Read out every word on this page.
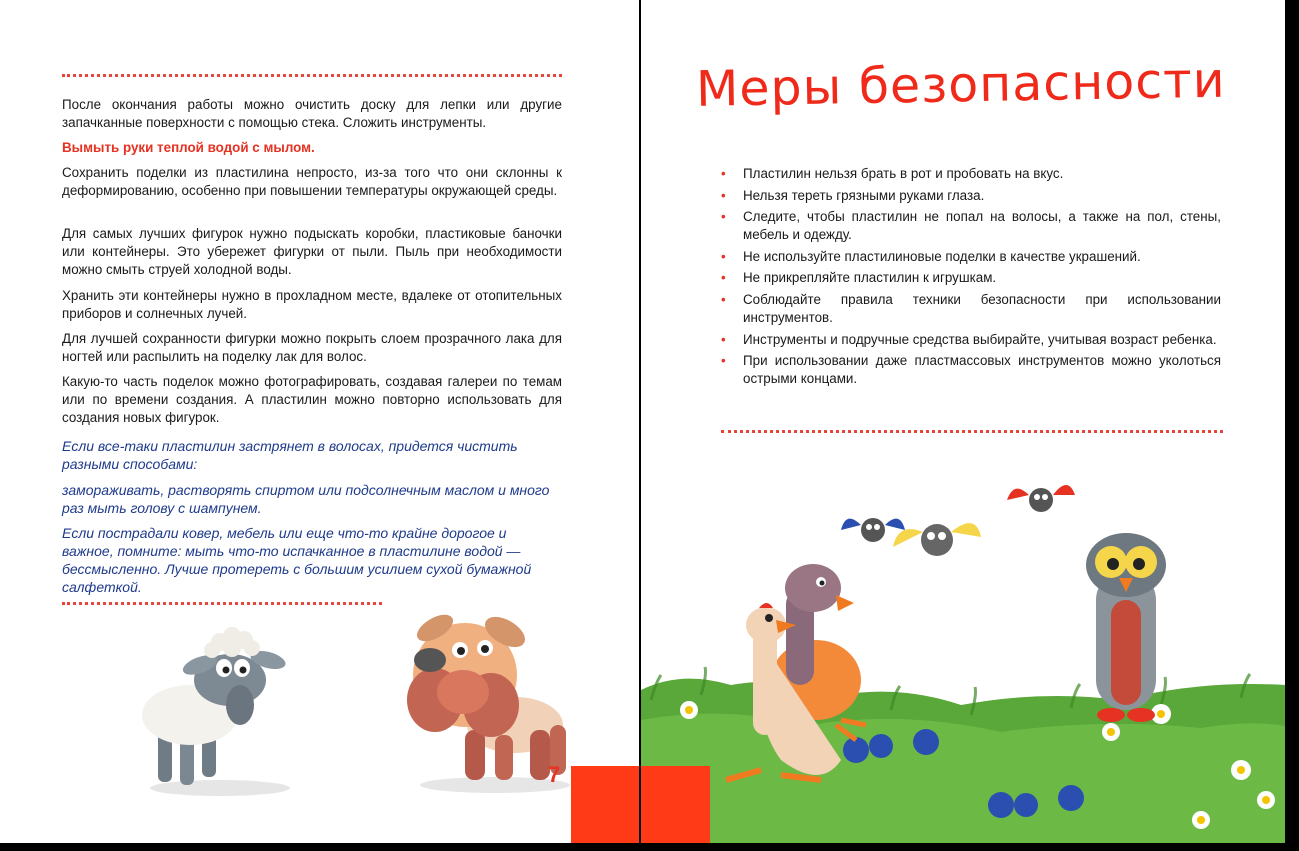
После окончания работы можно очистить доску для лепки или другие запачканные поверхности с помощью стека. Сложить инструменты.

Вымыть руки теплой водой с мылом.

Сохранить поделки из пластилина непросто, из-за того что они склонны к деформированию, особенно при повышении температуры окружающей среды.

Для самых лучших фигурок нужно подыскать коробки, пластиковые баночки или контейнеры. Это убережет фигурки от пыли. Пыль при необходимости можно смыть струей холодной воды.

Хранить эти контейнеры нужно в прохладном месте, вдалеке от отопительных приборов и солнечных лучей.

Для лучшей сохранности фигурки можно покрыть слоем прозрачного лака для ногтей или распылить на поделку лак для волос.

Какую-то часть поделок можно фотографировать, создавая галереи по темам или по времени создания. А пластилин можно повторно использовать для создания новых фигурок.

Если все-таки пластилин застрянет в волосах, придется чистить разными способами:

замораживать, растворять спиртом или подсолнечным маслом и много раз мыть голову с шампунем.

Если пострадали ковер, мебель или еще что-то крайне дорогое и важное, помните: мыть что-то испачканное в пластилине водой — бессмысленно. Лучше протереть с большим усилием сухой бумажной салфеткой.

7
Меры безопасности
• Пластилин нельзя брать в рот и пробовать на вкус.
• Нельзя тереть грязными руками глаза.
• Следите, чтобы пластилин не попал на волосы, а также на пол, стены, мебель и одежду.
• Не используйте пластилиновые поделки в качестве украшений.
• Не прикрепляйте пластилин к игрушкам.
• Соблюдайте правила техники безопасности при использовании инструментов.
• Инструменты и подручные средства выбирайте, учитывая возраст ребенка.
• При использовании даже пластмассовых инструментов можно уколоться острыми концами.
